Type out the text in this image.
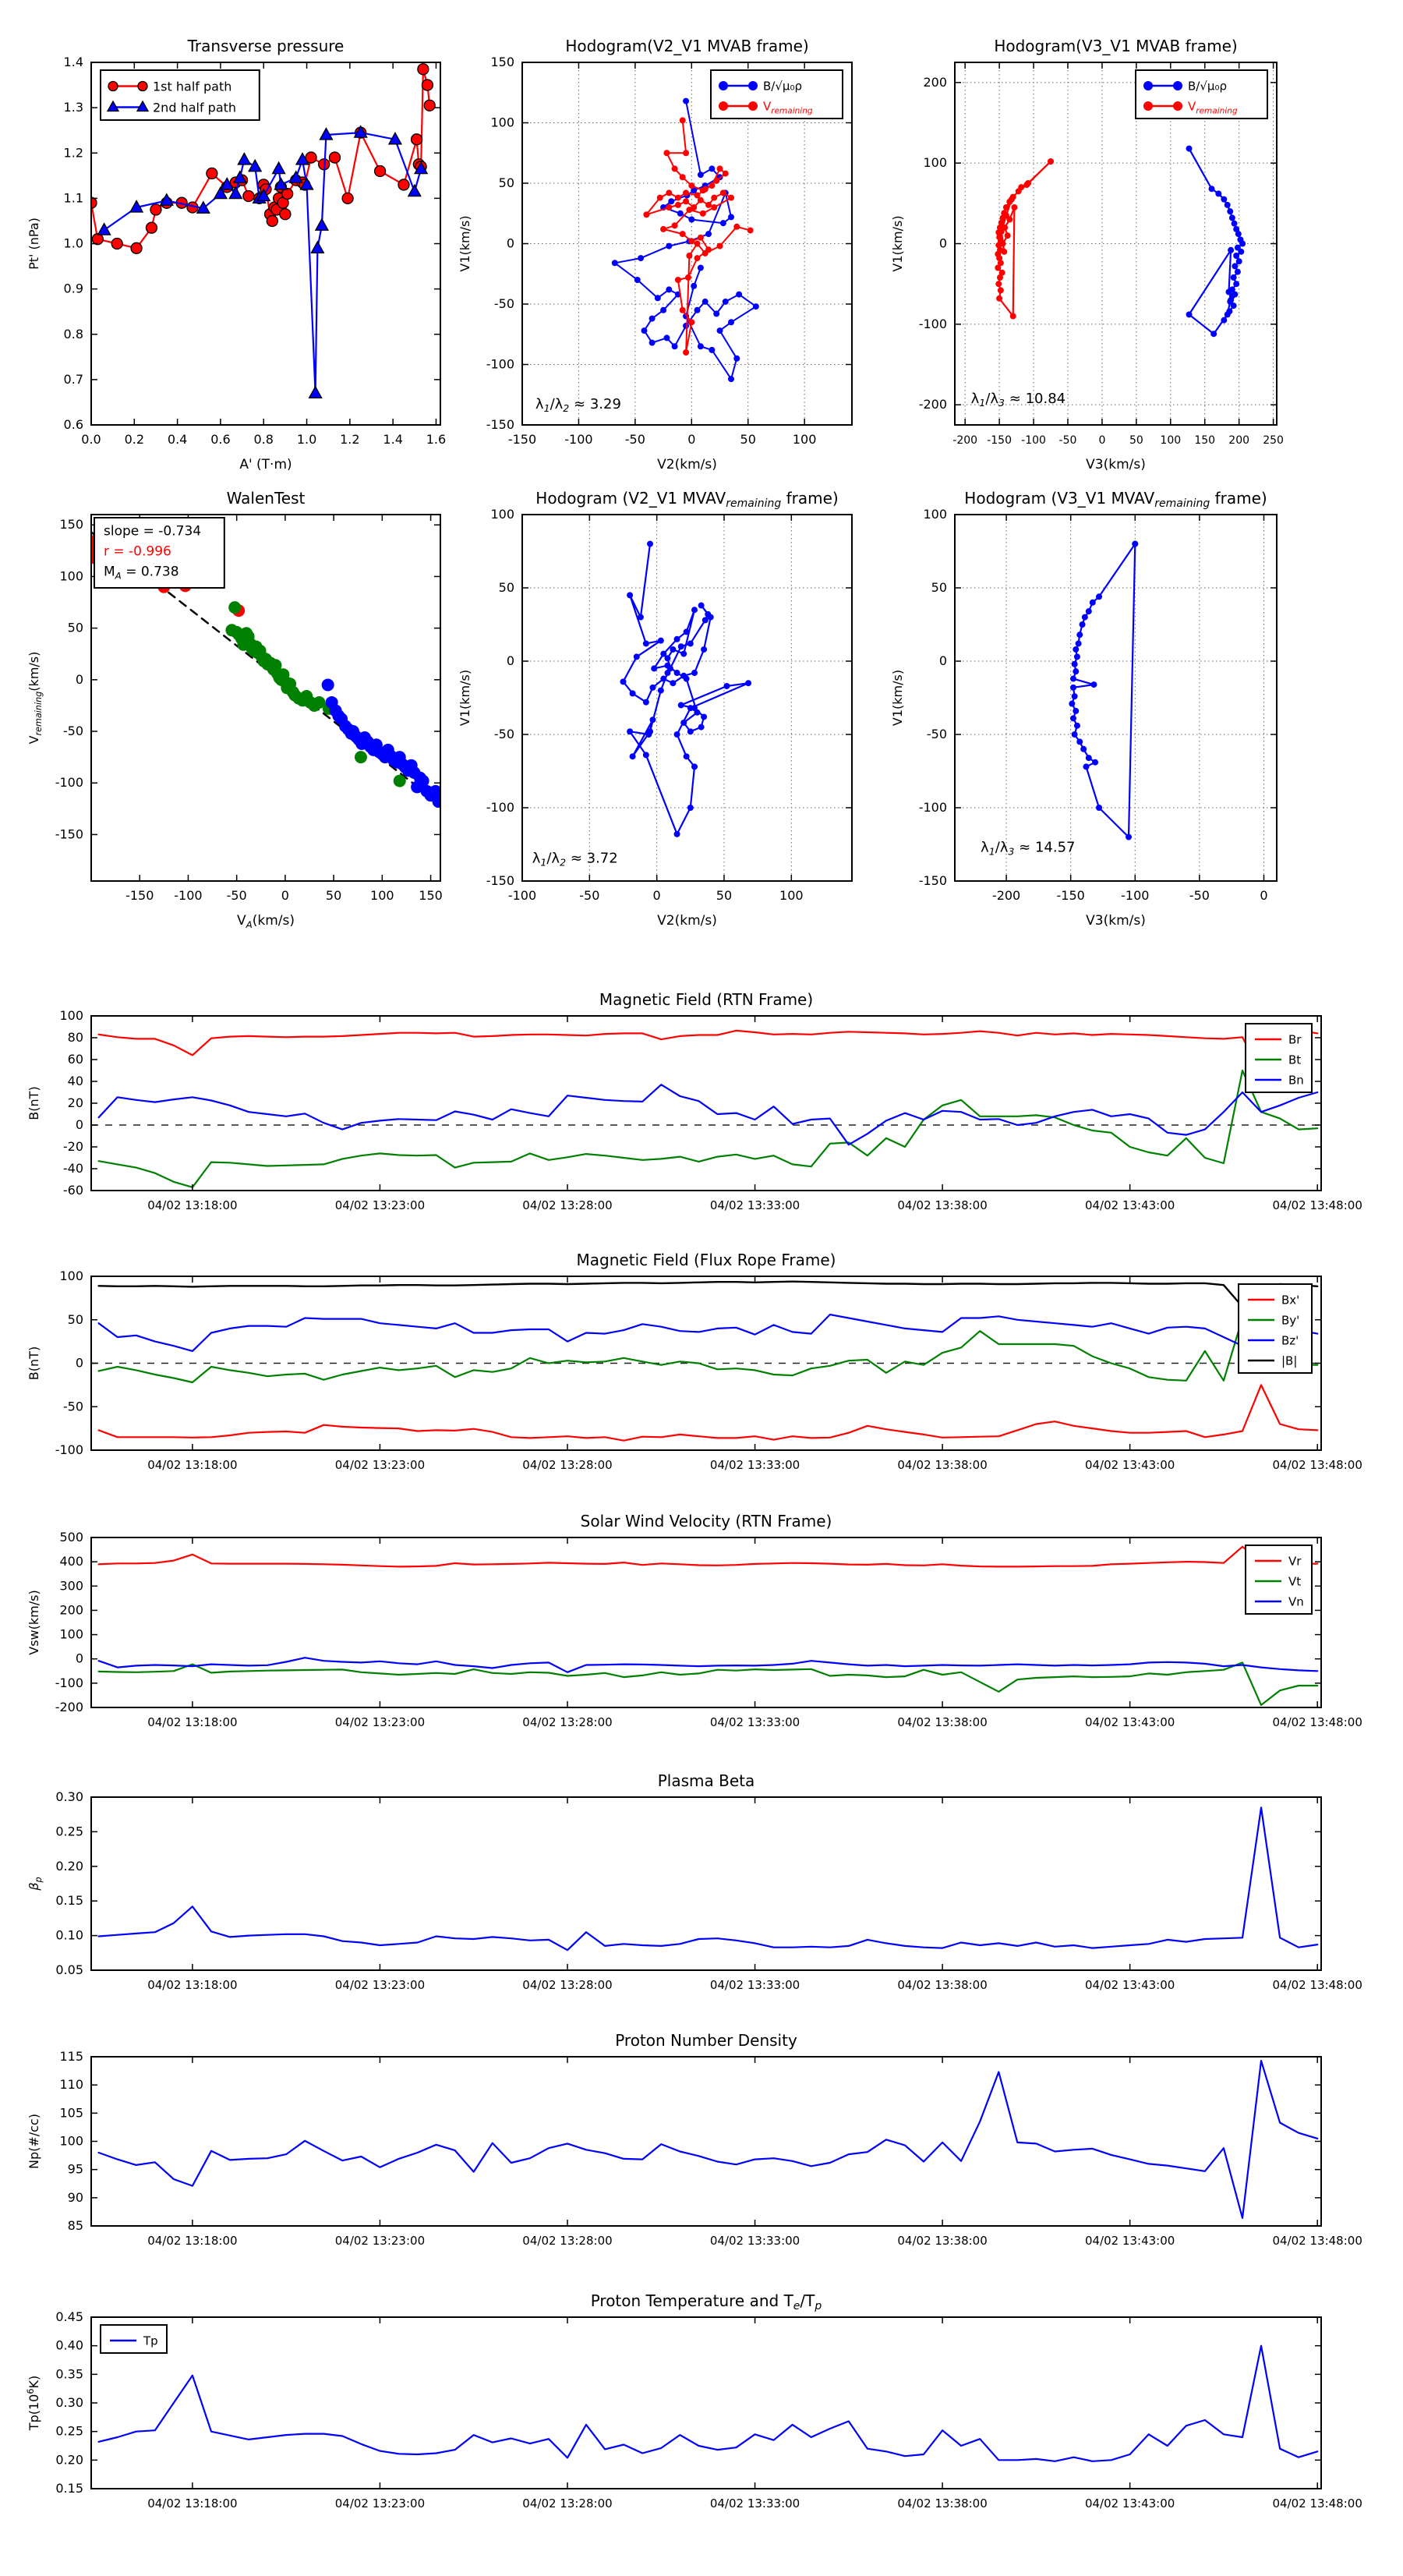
0.0 0.2 0.4 0.6 0.8 1.0 1.2 1.4 1.6
0.6
0.7
0.8
0.9
1.0
1.1
1.2
1.3
1.4
Transverse pressure
A' (T·m)
Pt' (nPa)
1st half path
2nd half path
-150 -100	-50	0	50	100
-150
-100
-50
0
50
100
150
Hodogram(V2_V1 MVAB frame)
V2(km/s)
V1(km/s)
B/√μ₀ρ
$V_{remaining}$
$\lambda_1/\lambda_2 \approx 3.29$
-200 -150 -100 -50 0 50 100 150 200 250
-200
-100
0
100
200
Hodogram(V3_V1 MVAB frame)
V3(km/s)
V1(km/s)
B/√μ₀ρ
$V_{remaining}$
$\lambda_1/\lambda_3 \approx 10.84$
-150 -100 -50	0	50 100 150
-150
-100
-50
0
50
100
150
WalenTest
$V_A(km/s)$
$V_{remaining}(km/s)$
slope = -0.734
r = -0.996
$M_A = 0.738$
-100	-50	0	50	100
-150
-100
-50
0
50
100
Hodogram (V2_V1 $MVAV_{remaining}$ frame)
V2(km/s)
V1(km/s)
$\lambda_1/\lambda_2 \approx 3.72$
-200	-150	-100	-50	0
-150
-100
-50
0
50
100
Hodogram (V3_V1 $MVAV_{remaining}$ frame)
V3(km/s)
V1(km/s)
$\lambda_1/\lambda_3 \approx 14.57$
04/02 13:18:00	04/02 13:23:00	04/02 13:28:00	04/02 13:33:00	04/02 13:38:00	04/02 13:43:00	04/02 13:48:00
-60
-40
-20
0
20
40
60
80
100
Magnetic Field (RTN Frame)
B(nT)
Br
Bt
Bn
04/02 13:18:00	04/02 13:23:00	04/02 13:28:00	04/02 13:33:00	04/02 13:38:00	04/02 13:43:00	04/02 13:48:00
-100
-50
0
50
100
Magnetic Field (Flux Rope Frame)
B(nT)
Bx'
By'
Bz'
|B|
04/02 13:18:00	04/02 13:23:00	04/02 13:28:00	04/02 13:33:00	04/02 13:38:00	04/02 13:43:00	04/02 13:48:00
-200
-100
0
100
200
300
400
500
Solar Wind Velocity (RTN Frame)
Vsw(km/s)
Vr
Vt
Vn
04/02 13:18:00	04/02 13:23:00	04/02 13:28:00	04/02 13:33:00	04/02 13:38:00	04/02 13:43:00	04/02 13:48:00
0.05
0.10
0.15
0.20
0.25
0.30
Plasma Beta
$\beta_p$
04/02 13:18:00	04/02 13:23:00	04/02 13:28:00	04/02 13:33:00	04/02 13:38:00	04/02 13:43:00	04/02 13:48:00
85
90
95
100
105
110
115
Proton Number Density
Np(#/cc)
04/02 13:18:00	04/02 13:23:00	04/02 13:28:00	04/02 13:33:00	04/02 13:38:00	04/02 13:43:00	04/02 13:48:00
0.15
0.20
0.25
0.30
0.35
0.40
0.45
Proton Temperature and $T_e/T_p$
$Tp(10^6K)$
Tp
